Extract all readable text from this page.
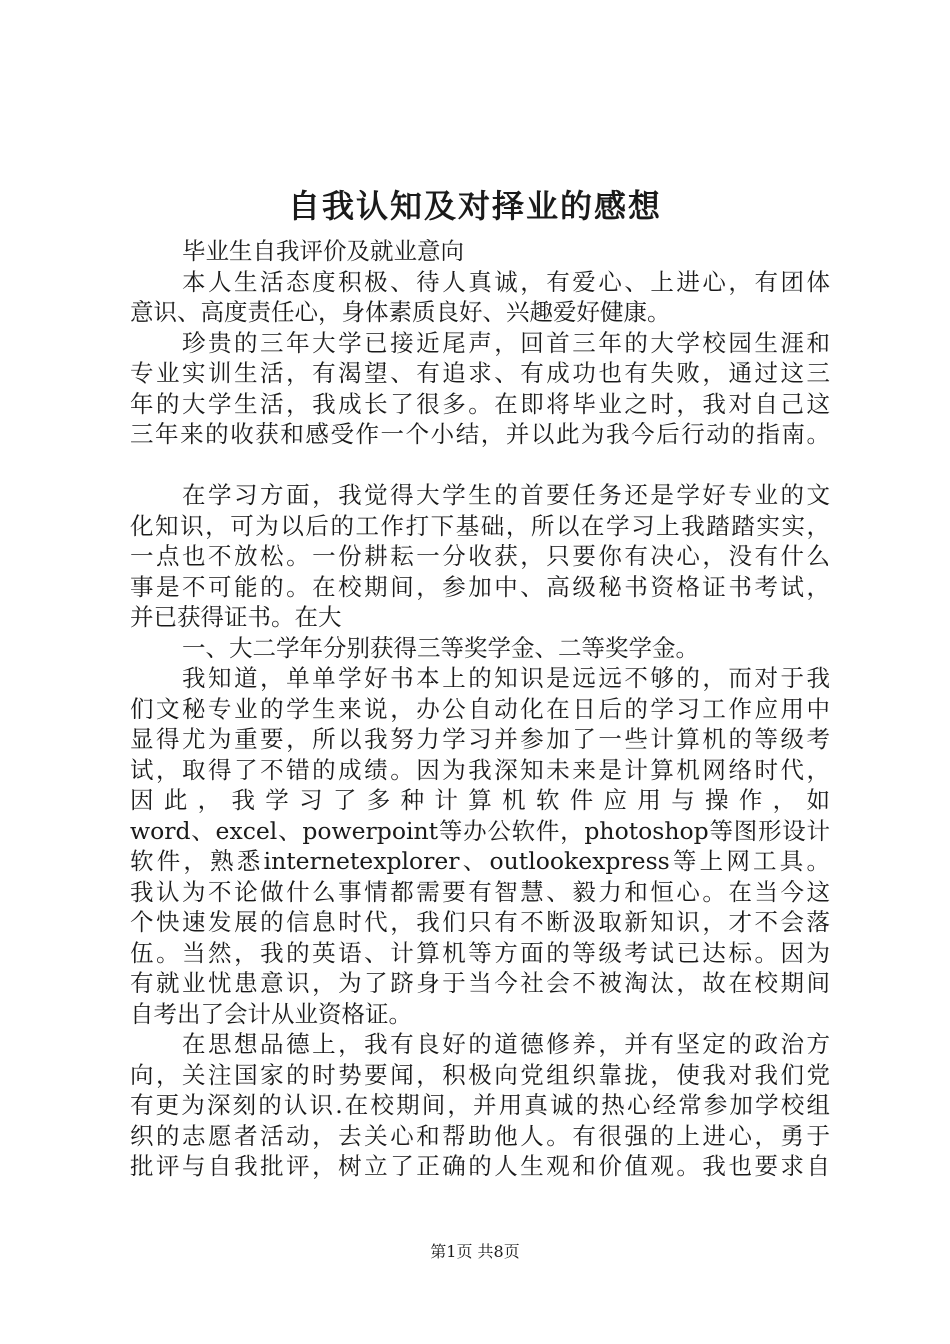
自我认知及对择业的感想
毕业生自我评价及就业意向
本人生活态度积极、待人真诚，有爱心、上进心，有团体
意识、高度责任心，身体素质良好、兴趣爱好健康。
珍贵的三年大学已接近尾声，回首三年的大学校园生涯和
专业实训生活，有渴望、有追求、有成功也有失败，通过这三
年的大学生活，我成长了很多。在即将毕业之时，我对自己这
三年来的收获和感受作一个小结，并以此为我今后行动的指南。
在学习方面，我觉得大学生的首要任务还是学好专业的文
化知识，可为以后的工作打下基础，所以在学习上我踏踏实实，
一点也不放松。一份耕耘一分收获，只要你有决心，没有什么
事是不可能的。在校期间，参加中、高级秘书资格证书考试，
并已获得证书。在大
一、大二学年分别获得三等奖学金、二等奖学金。
我知道，单单学好书本上的知识是远远不够的，而对于我
们文秘专业的学生来说，办公自动化在日后的学习工作应用中
显得尤为重要，所以我努力学习并参加了一些计算机的等级考
试，取得了不错的成绩。因为我深知未来是计算机网络时代，
因 此 ， 我 学 习 了 多 种 计 算 机 软 件 应 用 与 操 作 ， 如
word、excel、powerpoint等办公软件，photoshop等图形设计
软件，熟悉internetexplorer、outlookexpress等上网工具。
我认为不论做什么事情都需要有智慧、毅力和恒心。在当今这
个快速发展的信息时代，我们只有不断汲取新知识，才不会落
伍。当然，我的英语、计算机等方面的等级考试已达标。因为
有就业忧患意识，为了跻身于当今社会不被淘汰，故在校期间
自考出了会计从业资格证。
在思想品德上，我有良好的道德修养，并有坚定的政治方
向，关注国家的时势要闻，积极向党组织靠拢，使我对我们党
有更为深刻的认识.在校期间，并用真诚的热心经常参加学校组
织的志愿者活动，去关心和帮助他人。有很强的上进心，勇于
批评与自我批评，树立了正确的人生观和价值观。我也要求自
第1页 共8页
